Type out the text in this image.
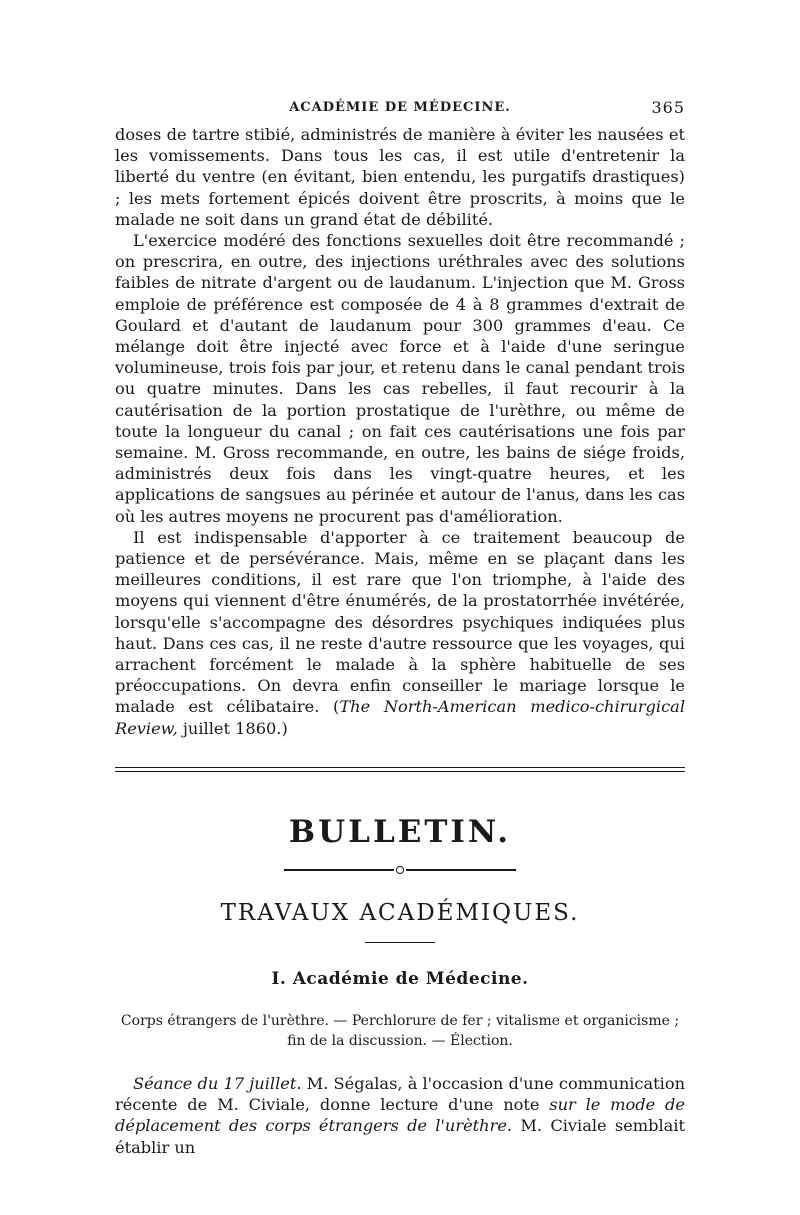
ACADÉMIE DE MÉDECINE.	365

doses de tartre stibié, administrés de manière à éviter les nausées et les vomissements. Dans tous les cas, il est utile d'entretenir la liberté du ventre (en évitant, bien entendu, les purgatifs drastiques) ; les mets fortement épicés doivent être proscrits, à moins que le malade ne soit dans un grand état de débilité.

L'exercice modéré des fonctions sexuelles doit être recommandé ; on prescrira, en outre, des injections uréthrales avec des solutions faibles de nitrate d'argent ou de laudanum. L'injection que M. Gross emploie de préférence est composée de 4 à 8 grammes d'extrait de Goulard et d'autant de laudanum pour 300 grammes d'eau. Ce mélange doit être injecté avec force et à l'aide d'une seringue volumineuse, trois fois par jour, et retenu dans le canal pendant trois ou quatre minutes. Dans les cas rebelles, il faut recourir à la cautérisation de la portion prostatique de l'urèthre, ou même de toute la longueur du canal ; on fait ces cautérisations une fois par semaine. M. Gross recommande, en outre, les bains de siége froids, administrés deux fois dans les vingt-quatre heures, et les applications de sangsues au périnée et autour de l'anus, dans les cas où les autres moyens ne procurent pas d'amélioration.

Il est indispensable d'apporter à ce traitement beaucoup de patience et de persévérance. Mais, même en se plaçant dans les meilleures conditions, il est rare que l'on triomphe, à l'aide des moyens qui viennent d'être énumérés, de la prostatorrhée invétérée, lorsqu'elle s'accompagne des désordres psychiques indiquées plus haut. Dans ces cas, il ne reste d'autre ressource que les voyages, qui arrachent forcément le malade à la sphère habituelle de ses préoccupations. On devra enfin conseiller le mariage lorsque le malade est célibataire. (The North-American medico-chirurgical Review, juillet 1860.)

BULLETIN.
TRAVAUX ACADÉMIQUES.
I. Académie de Médecine.
Corps étrangers de l'urèthre. — Perchlorure de fer ; vitalisme et organicisme ;
fin de la discussion. — Élection.
Séance du 17 juillet. M. Ségalas, à l'occasion d'une communication récente de M. Civiale, donne lecture d'une note sur le mode de déplacement des corps étrangers de l'urèthre. M. Civiale semblait établir un
